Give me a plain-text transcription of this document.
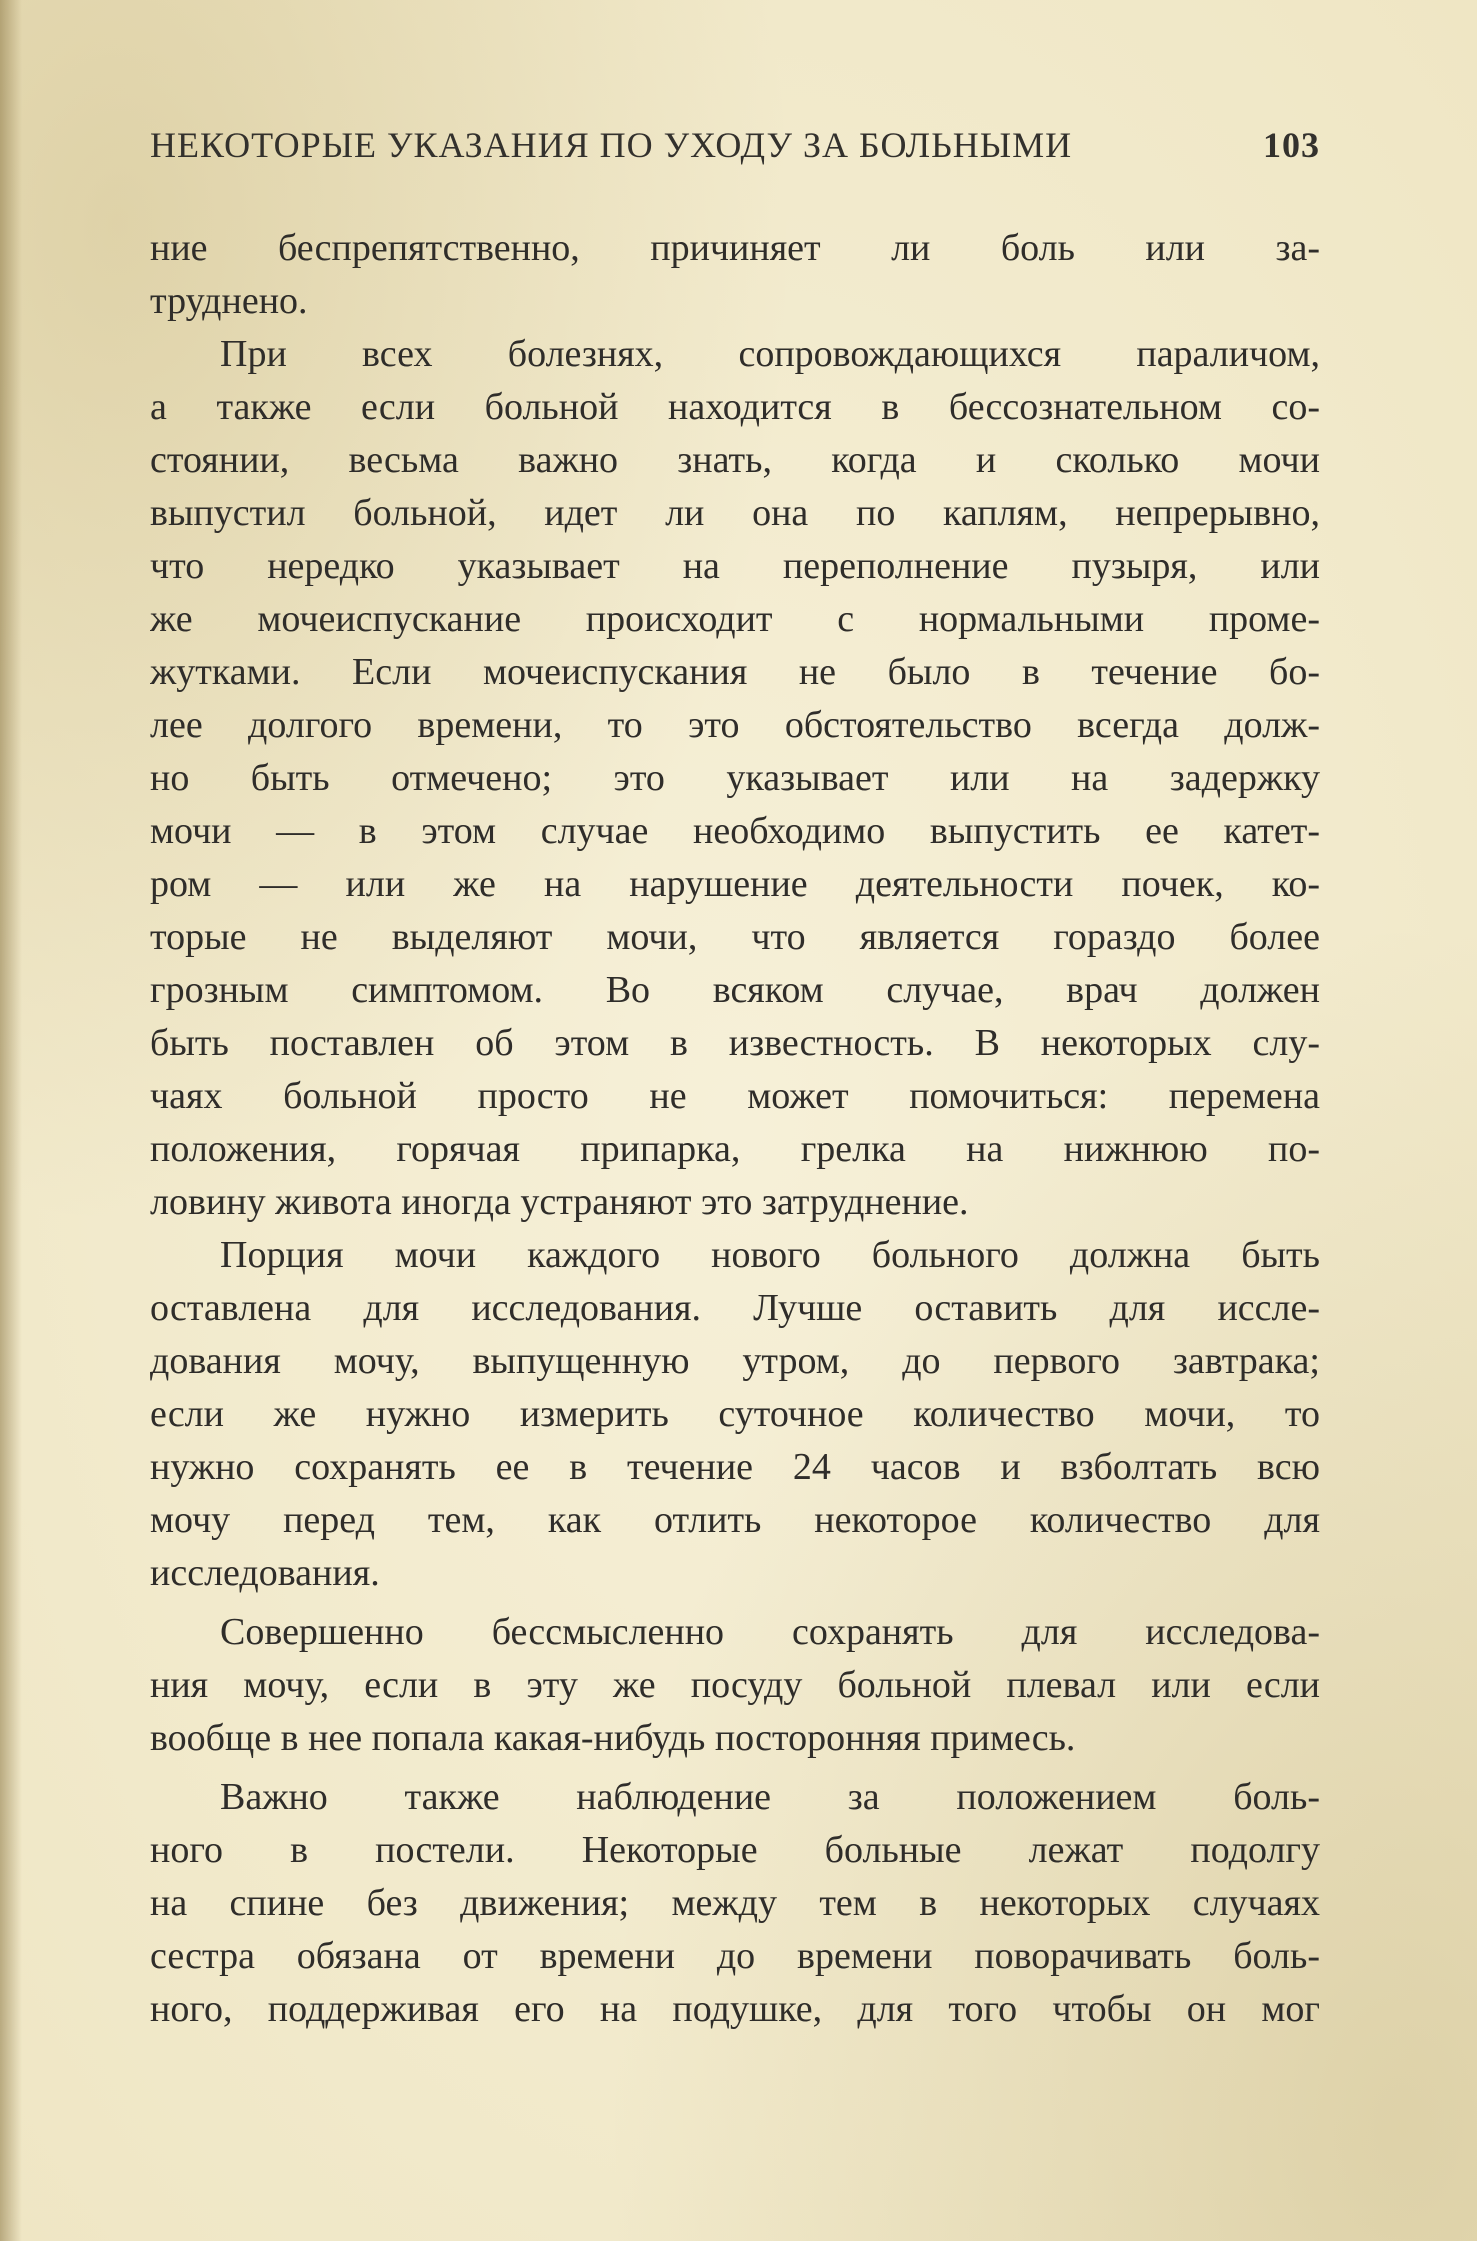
НЕКОТОРЫЕ УКАЗАНИЯ ПО УХОДУ ЗА БОЛЬНЫМИ	103
ние беспрепятственно, причиняет ли боль или за-
труднено.
При всех болезнях, сопровождающихся параличом,
а также если больной находится в бессознательном со-
стоянии, весьма важно знать, когда и сколько мочи
выпустил больной, идет ли она по каплям, непрерывно,
что нередко указывает на переполнение пузыря, или
же мочеиспускание происходит с нормальными проме-
жутками. Если мочеиспускания не было в течение бо-
лее долгого времени, то это обстоятельство всегда долж-
но быть отмечено; это указывает или на задержку
мочи — в этом случае необходимо выпустить ее катет-
ром — или же на нарушение деятельности почек, ко-
торые не выделяют мочи, что является гораздо более
грозным симптомом. Во всяком случае, врач должен
быть поставлен об этом в известность. В некоторых слу-
чаях больной просто не может помочиться: перемена
положения, горячая припарка, грелка на нижнюю по-
ловину живота иногда устраняют это затруднение.
Порция мочи каждого нового больного должна быть
оставлена для исследования. Лучше оставить для иссле-
дования мочу, выпущенную утром, до первого завтрака;
если же нужно измерить суточное количество мочи, то
нужно сохранять ее в течение 24 часов и взболтать всю
мочу перед тем, как отлить некоторое количество для
исследования.
Совершенно бессмысленно сохранять для исследова-
ния мочу, если в эту же посуду больной плевал или если
вообще в нее попала какая-нибудь посторонняя примесь.
Важно также наблюдение за положением боль-
ного в постели. Некоторые больные лежат подолгу
на спине без движения; между тем в некоторых случаях
сестра обязана от времени до времени поворачивать боль-
ного, поддерживая его на подушке, для того чтобы он мог
